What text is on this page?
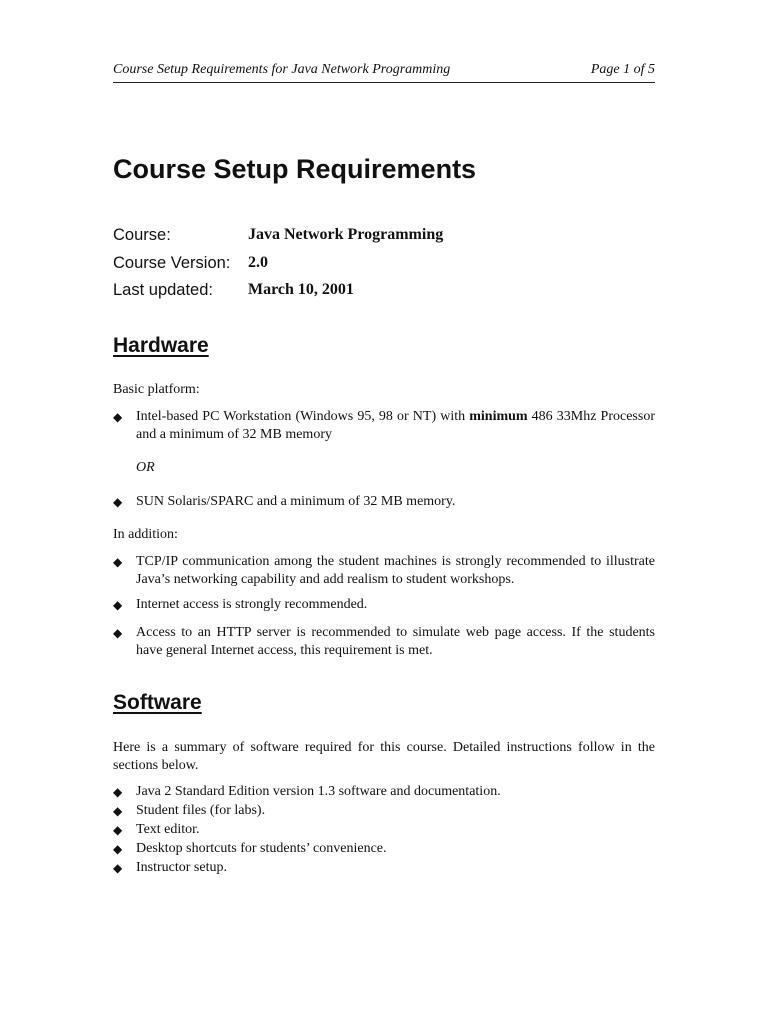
Course Setup Requirements for Java Network Programming	Page 1 of 5
Course Setup Requirements
Course:	Java Network Programming
Course Version: 2.0
Last updated: March 10, 2001
Hardware

Basic platform:

◆ Intel-based PC Workstation (Windows 95, 98 or NT) with minimum 486 33Mhz Processor and a minimum of 32 MB memory
OR
◆ SUN Solaris/SPARC and a minimum of 32 MB memory.

In addition:

◆ TCP/IP communication among the student machines is strongly recommended to illustrate Java’s networking capability and add realism to student workshops.
◆ Internet access is strongly recommended.
◆ Access to an HTTP server is recommended to simulate web page access. If the students have general Internet access, this requirement is met.
Software

Here is a summary of software required for this course. Detailed instructions follow in the sections below.

◆ Java 2 Standard Edition version 1.3 software and documentation.
◆ Student files (for labs).
◆ Text editor.
◆ Desktop shortcuts for students’ convenience.
◆ Instructor setup.
